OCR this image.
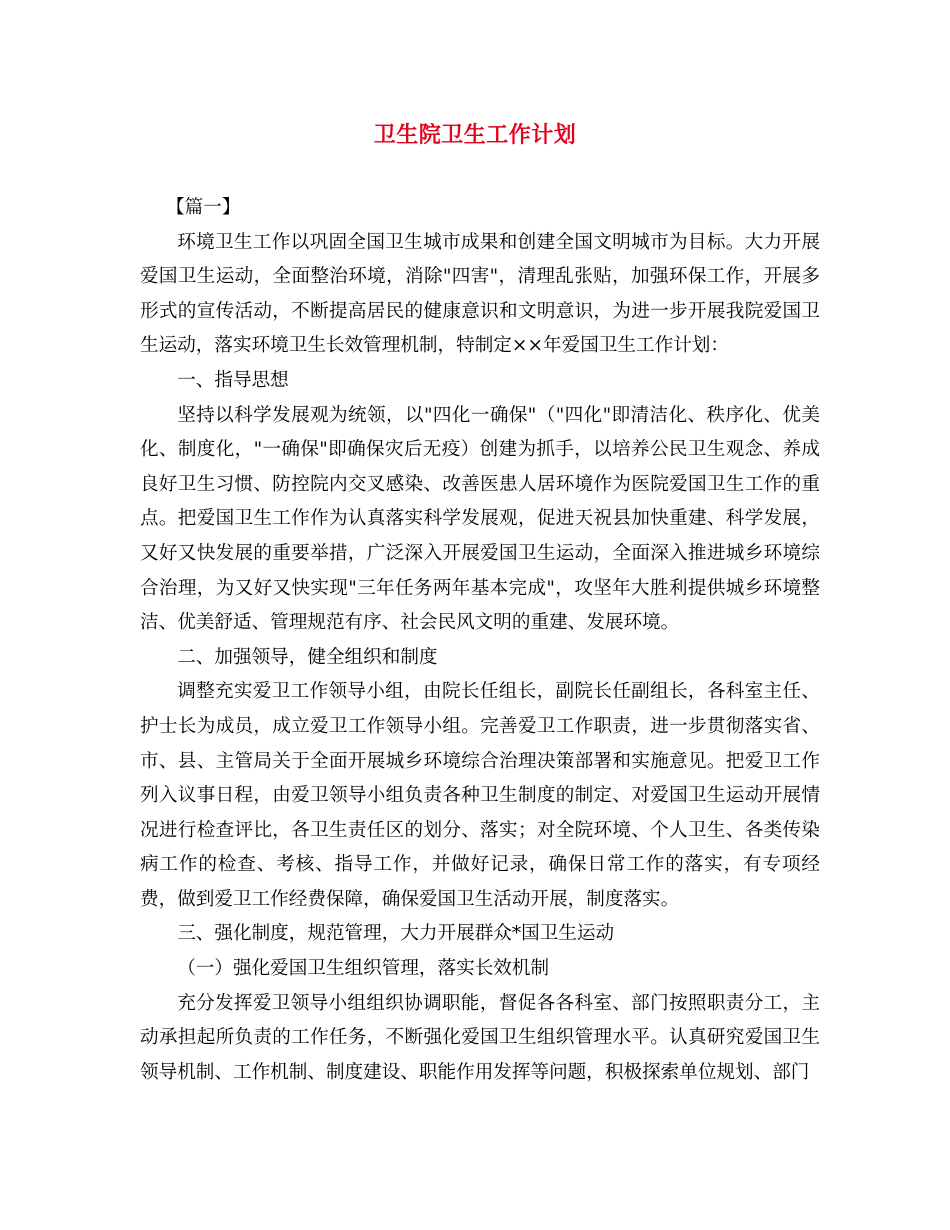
卫生院卫生工作计划

【篇一】

环境卫生工作以巩固全国卫生城市成果和创建全国文明城市为目标。大力开展爱国卫生运动，全面整治环境，消除"四害"，清理乱张贴，加强环保工作，开展多形式的宣传活动，不断提高居民的健康意识和文明意识，为进一步开展我院爱国卫生运动，落实环境卫生长效管理机制，特制定××年爱国卫生工作计划：

一、指导思想

坚持以科学发展观为统领，以"四化一确保"（"四化"即清洁化、秩序化、优美化、制度化，"一确保"即确保灾后无疫）创建为抓手，以培养公民卫生观念、养成良好卫生习惯、防控院内交叉感染、改善医患人居环境作为医院爱国卫生工作的重点。把爱国卫生工作作为认真落实科学发展观，促进天祝县加快重建、科学发展，又好又快发展的重要举措，广泛深入开展爱国卫生运动，全面深入推进城乡环境综合治理，为又好又快实现"三年任务两年基本完成"，攻坚年大胜利提供城乡环境整洁、优美舒适、管理规范有序、社会民风文明的重建、发展环境。

二、加强领导，健全组织和制度

调整充实爱卫工作领导小组，由院长任组长，副院长任副组长，各科室主任、护士长为成员，成立爱卫工作领导小组。完善爱卫工作职责，进一步贯彻落实省、市、县、主管局关于全面开展城乡环境综合治理决策部署和实施意见。把爱卫工作列入议事日程，由爱卫领导小组负责各种卫生制度的制定、对爱国卫生运动开展情况进行检查评比，各卫生责任区的划分、落实；对全院环境、个人卫生、各类传染病工作的检查、考核、指导工作，并做好记录，确保日常工作的落实，有专项经费，做到爱卫工作经费保障，确保爱国卫生活动开展，制度落实。

三、强化制度，规范管理，大力开展群众*国卫生运动

（一）强化爱国卫生组织管理，落实长效机制

充分发挥爱卫领导小组组织协调职能，督促各各科室、部门按照职责分工，主动承担起所负责的工作任务，不断强化爱国卫生组织管理水平。认真研究爱国卫生领导机制、工作机制、制度建设、职能作用发挥等问题，积极探索单位规划、部门
